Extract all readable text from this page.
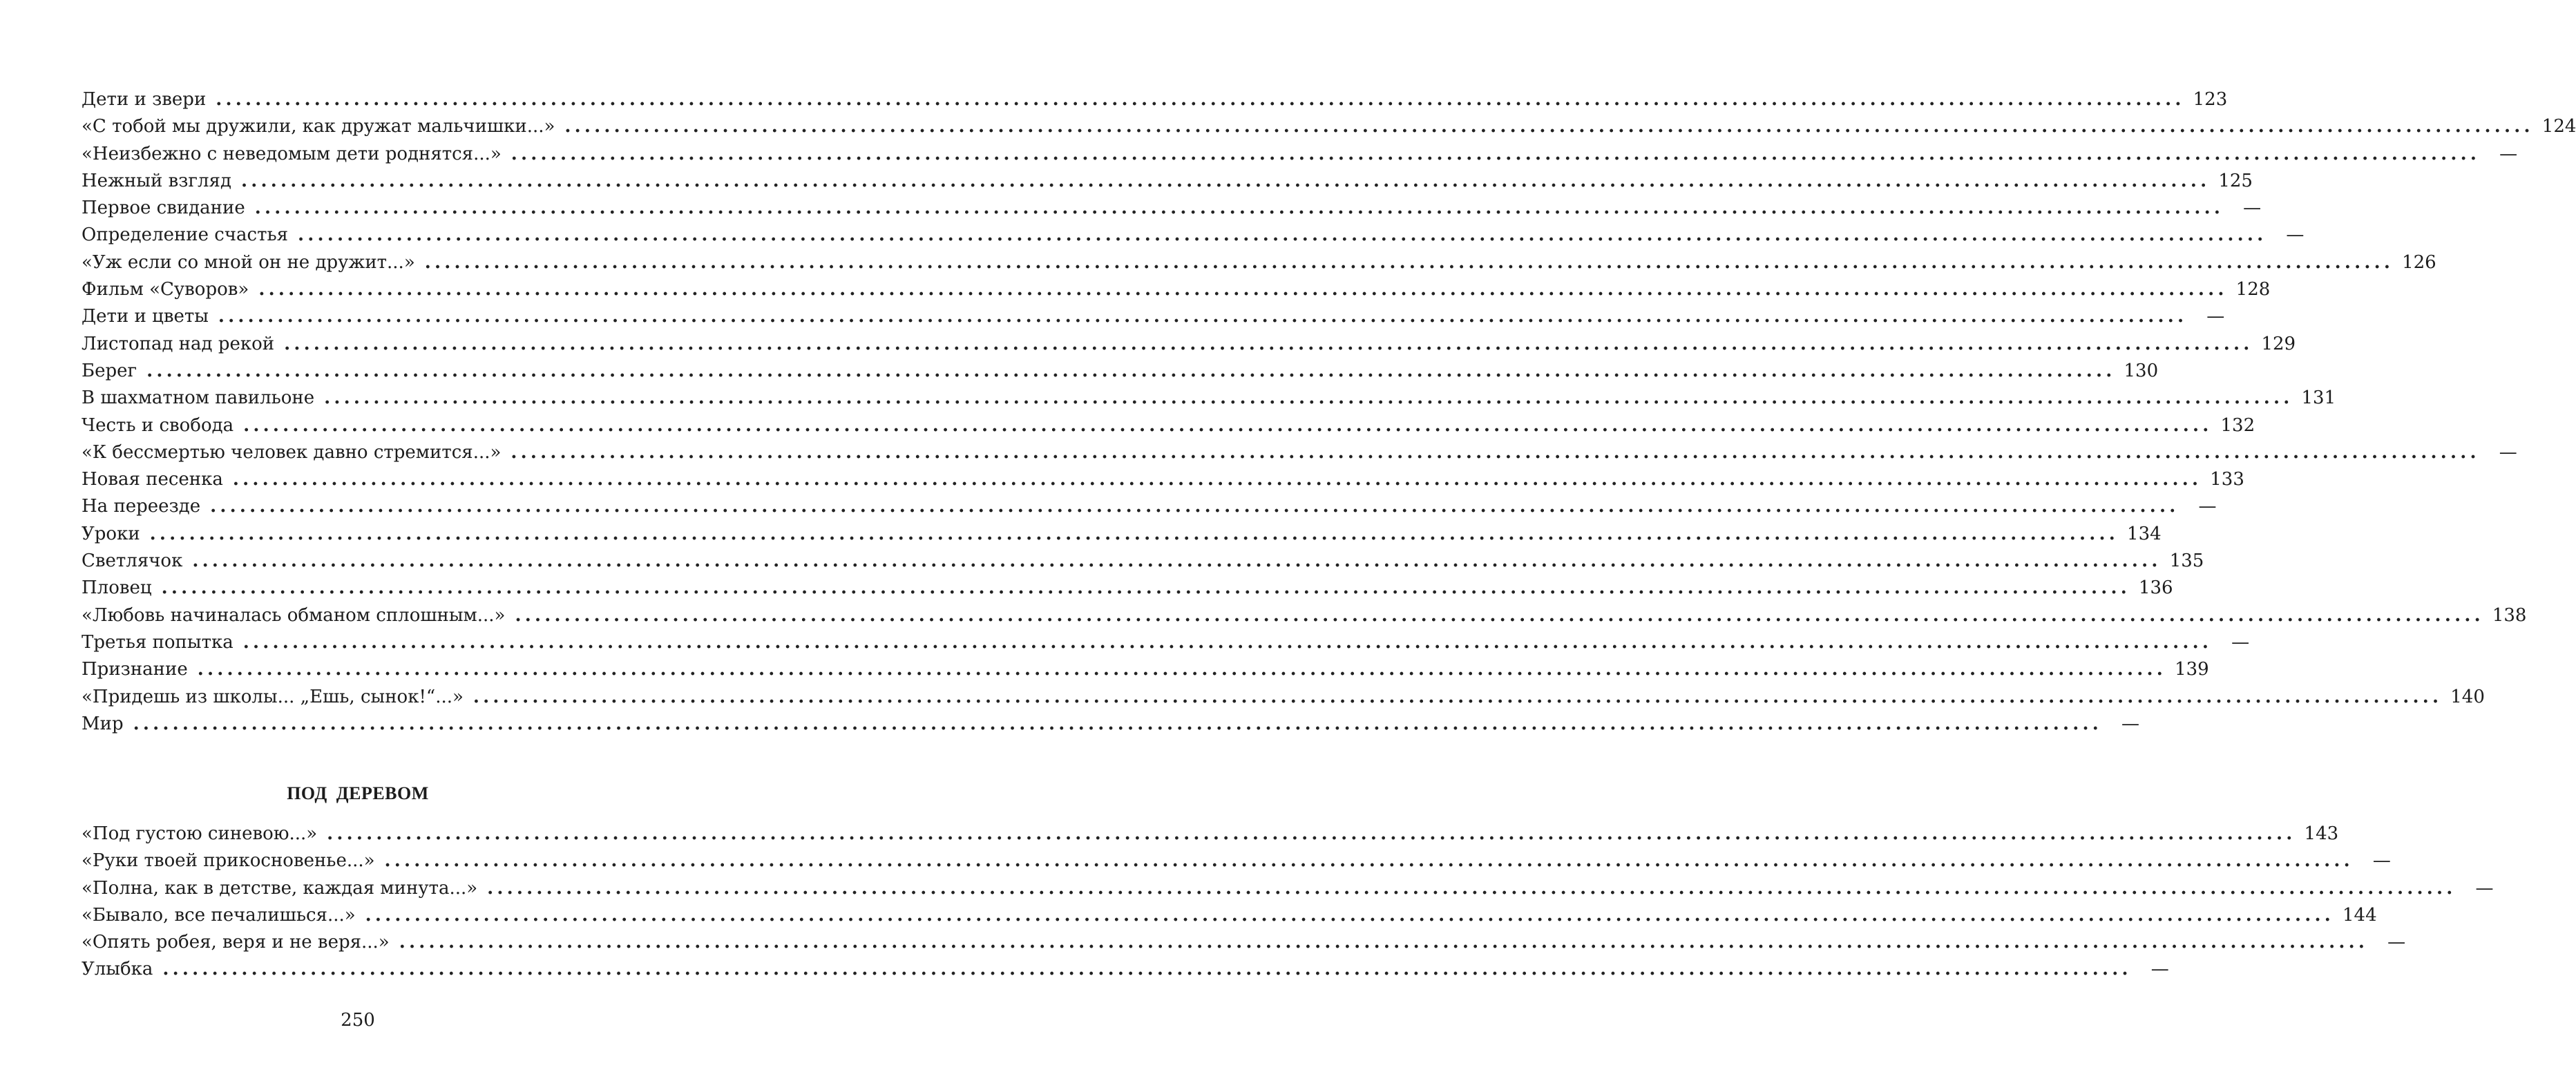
Дети и звери ........................................................................................................................................................................................................ 123
«С тобой мы дружили, как дружат мальчишки...» ........................................................................................................................................................................................................ 124
«Неизбежно с неведомым дети роднятся...» ........................................................................................................................................................................................................	—
Нежный взгляд ........................................................................................................................................................................................................ 125
Первое свидание ........................................................................................................................................................................................................	—
Определение счастья ........................................................................................................................................................................................................	—
«Уж если со мной он не дружит...» ........................................................................................................................................................................................................ 126
Фильм «Суворов» ........................................................................................................................................................................................................ 128
Дети и цветы ........................................................................................................................................................................................................	—
Листопад над рекой ........................................................................................................................................................................................................ 129
Берег ........................................................................................................................................................................................................ 130
В шахматном павильоне ........................................................................................................................................................................................................ 131
Честь и свобода ........................................................................................................................................................................................................ 132
«К бессмертью человек давно стремится...» ........................................................................................................................................................................................................	—
Новая песенка ........................................................................................................................................................................................................ 133
На переезде ........................................................................................................................................................................................................	—
Уроки ........................................................................................................................................................................................................ 134
Светлячок ........................................................................................................................................................................................................ 135
Пловец ........................................................................................................................................................................................................ 136
«Любовь начиналась обманом сплошным...» ........................................................................................................................................................................................................ 138
Третья попытка ........................................................................................................................................................................................................	—
Признание ........................................................................................................................................................................................................ 139
«Придешь из школы... „Ешь, сынок!“...» ........................................................................................................................................................................................................ 140
Мир ........................................................................................................................................................................................................	—
ПОД ДЕРЕВОМ
«Под густою синевою...» ........................................................................................................................................................................................................ 143
«Руки твоей прикосновенье...» ........................................................................................................................................................................................................	—
«Полна, как в детстве, каждая минута...» ........................................................................................................................................................................................................	—
«Бывало, все печалишься...» ........................................................................................................................................................................................................ 144
«Опять робея, веря и не веря...» ........................................................................................................................................................................................................	—
Улыбка ........................................................................................................................................................................................................	—
250
